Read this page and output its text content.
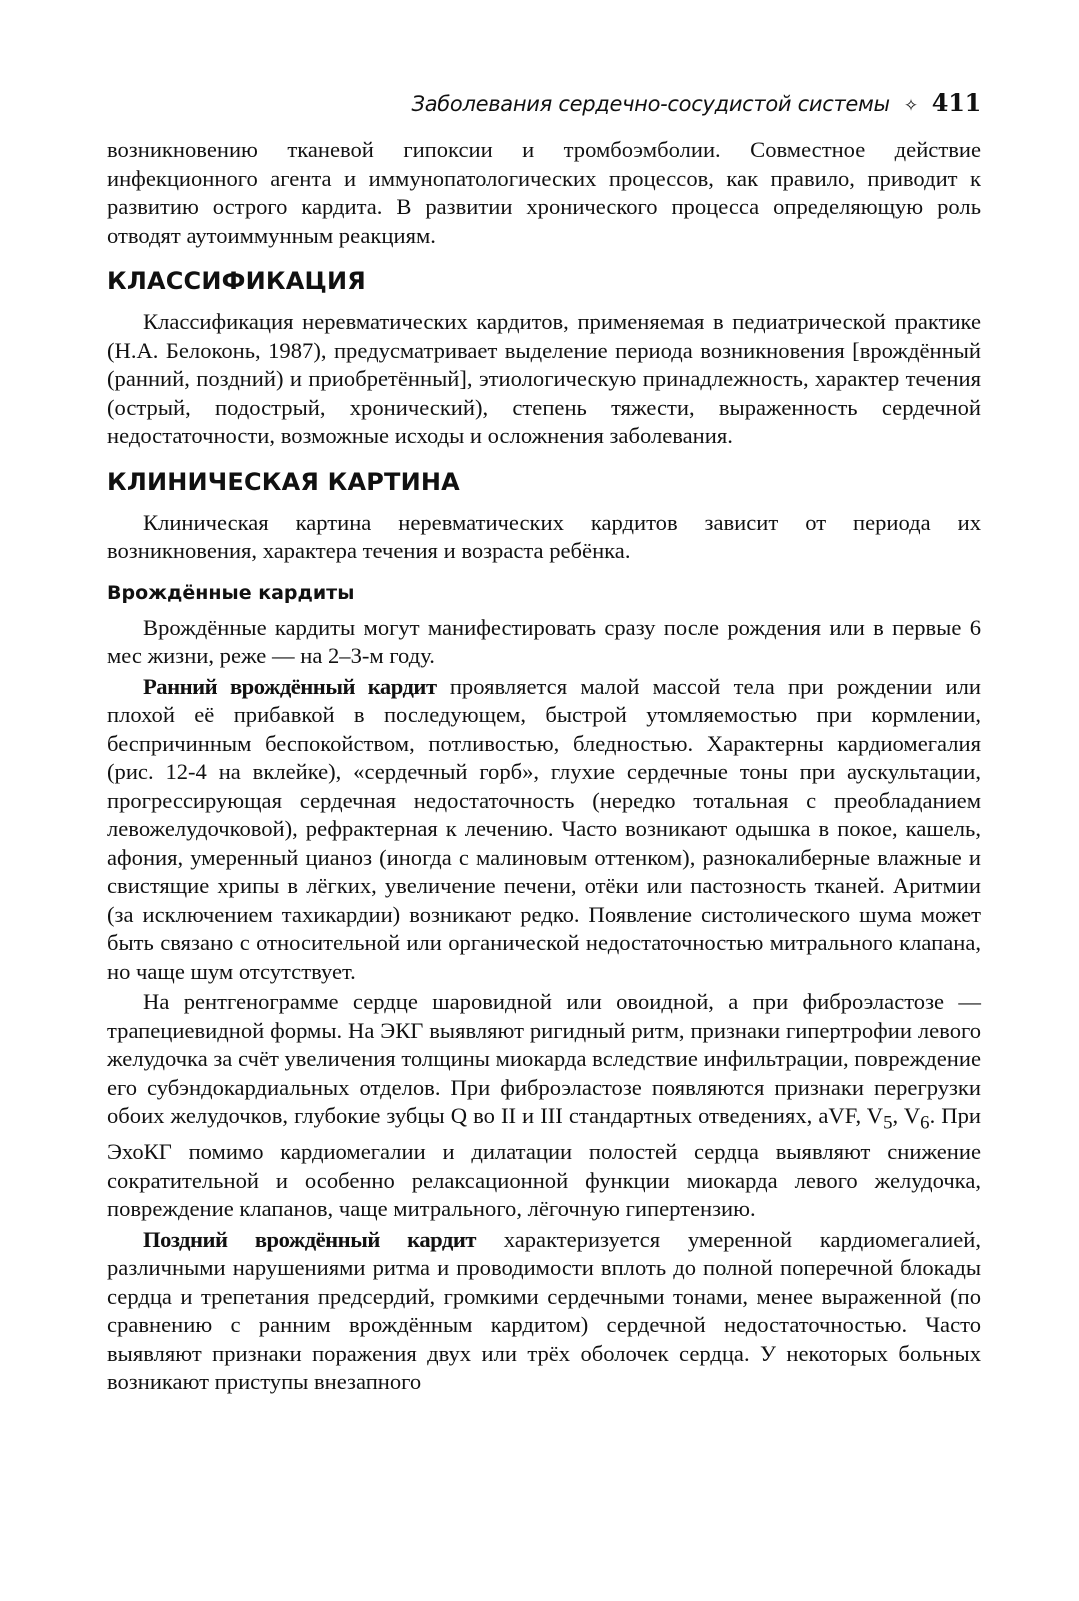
Заболевания сердечно-сосудистой системы ✧ 411

возникновению тканевой гипоксии и тромбоэмболии. Совместное действие инфекционного агента и иммунопатологических процессов, как правило, приводит к развитию острого кардита. В развитии хронического процесса определяющую роль отводят аутоиммунным реакциям.

КЛАССИФИКАЦИЯ

Классификация неревматических кардитов, применяемая в педиатрической практике (Н.А. Белоконь, 1987), предусматривает выделение периода возникновения [врождённый (ранний, поздний) и приобретённый], этиологическую принадлежность, характер течения (острый, подострый, хронический), степень тяжести, выраженность сердечной недостаточности, возможные исходы и осложнения заболевания.

КЛИНИЧЕСКАЯ КАРТИНА

Клиническая картина неревматических кардитов зависит от периода их возникновения, характера течения и возраста ребёнка.

Врождённые кардиты

Врождённые кардиты могут манифестировать сразу после рождения или в первые 6 мес жизни, реже — на 2–3-м году.

Ранний врождённый кардит проявляется малой массой тела при рождении или плохой её прибавкой в последующем, быстрой утомляемостью при кормлении, беспричинным беспокойством, потливостью, бледностью. Характерны кардиомегалия (рис. 12-4 на вклейке), «сердечный горб», глухие сердечные тоны при аускультации, прогрессирующая сердечная недостаточность (нередко тотальная с преобладанием левожелудочковой), рефрактерная к лечению. Часто возникают одышка в покое, кашель, афония, умеренный цианоз (иногда с малиновым оттенком), разнокалиберные влажные и свистящие хрипы в лёгких, увеличение печени, отёки или пастозность тканей. Аритмии (за исключением тахикардии) возникают редко. Появление систолического шума может быть связано с относительной или органической недостаточностью митрального клапана, но чаще шум отсутствует.

На рентгенограмме сердце шаровидной или овоидной, а при фиброэластозе — трапециевидной формы. На ЭКГ выявляют ригидный ритм, признаки гипертрофии левого желудочка за счёт увеличения толщины миокарда вследствие инфильтрации, повреждение его субэндокардиальных отделов. При фиброэластозе появляются признаки перегрузки обоих желудочков, глубокие зубцы Q во II и III стандартных отведениях, aVF, $V_5$, $V_6$. При ЭхоКГ помимо кардиомегалии и дилатации полостей сердца выявляют снижение сократительной и особенно релаксационной функции миокарда левого желудочка, повреждение клапанов, чаще митрального, лёгочную гипертензию.

Поздний врождённый кардит характеризуется умеренной кардиомегалией, различными нарушениями ритма и проводимости вплоть до полной поперечной блокады сердца и трепетания предсердий, громкими сердечными тонами, менее выраженной (по сравнению с ранним врождённым кардитом) сердечной недостаточностью. Часто выявляют признаки поражения двух или трёх оболочек сердца. У некоторых больных возникают приступы внезапного
